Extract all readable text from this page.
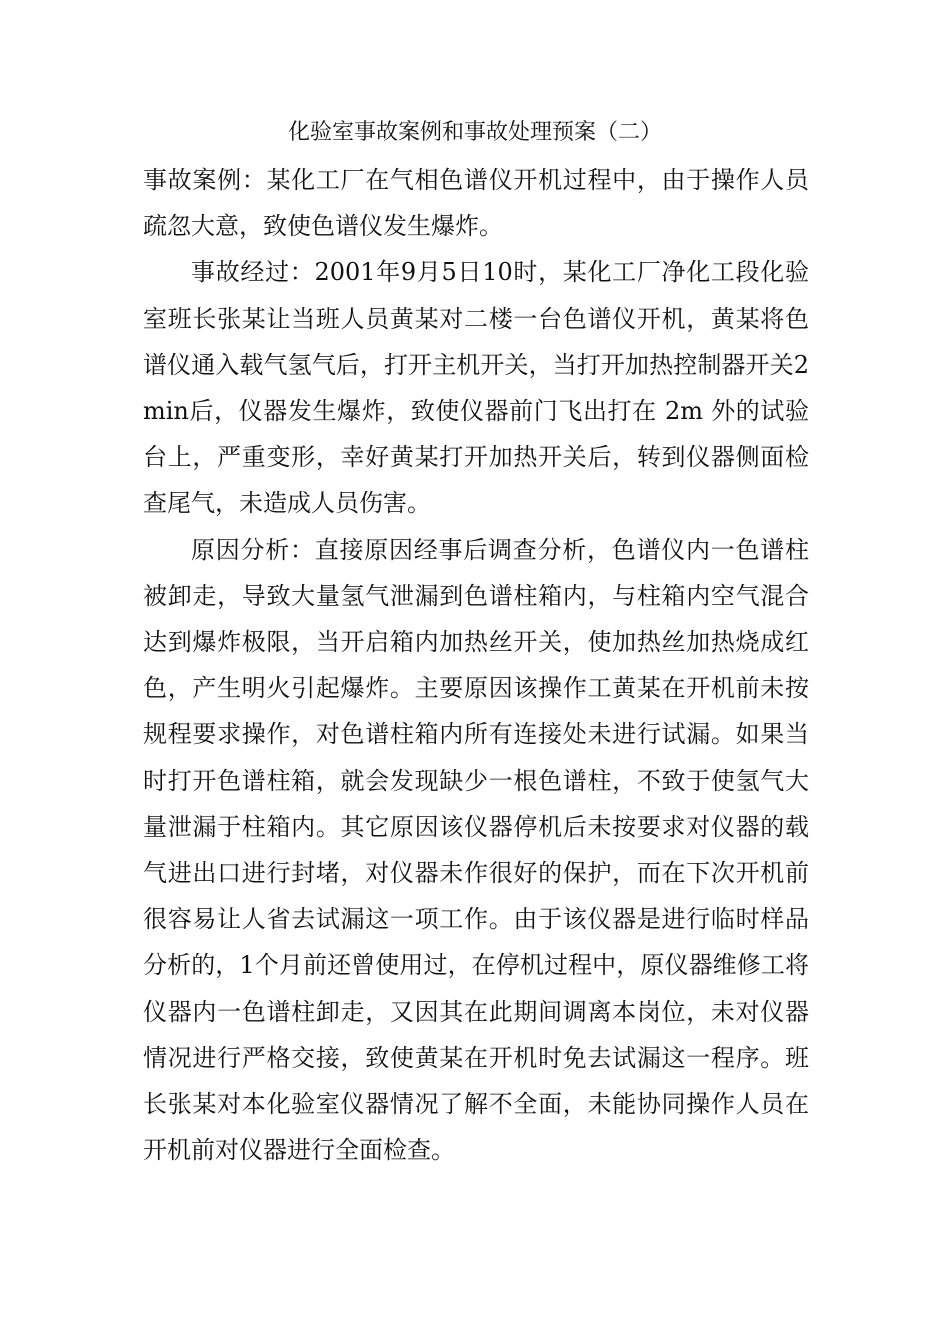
化验室事故案例和事故处理预案（二）

事故案例：某化工厂在气相色谱仪开机过程中，由于操作人员疏忽大意，致使色谱仪发生爆炸。

事故经过：2001年9月5日10时，某化工厂净化工段化验室班长张某让当班人员黄某对二楼一台色谱仪开机，黄某将色谱仪通入载气氢气后，打开主机开关，当打开加热控制器开关2min后，仪器发生爆炸，致使仪器前门飞出打在 2m 外的试验台上，严重变形，幸好黄某打开加热开关后，转到仪器侧面检查尾气，未造成人员伤害。

原因分析：直接原因经事后调查分析，色谱仪内一色谱柱被卸走，导致大量氢气泄漏到色谱柱箱内，与柱箱内空气混合达到爆炸极限，当开启箱内加热丝开关，使加热丝加热烧成红色，产生明火引起爆炸。主要原因该操作工黄某在开机前未按规程要求操作，对色谱柱箱内所有连接处未进行试漏。如果当时打开色谱柱箱，就会发现缺少一根色谱柱，不致于使氢气大量泄漏于柱箱内。其它原因该仪器停机后未按要求对仪器的载气进出口进行封堵，对仪器未作很好的保护，而在下次开机前很容易让人省去试漏这一项工作。由于该仪器是进行临时样品分析的，1个月前还曾使用过，在停机过程中，原仪器维修工将仪器内一色谱柱卸走，又因其在此期间调离本岗位，未对仪器情况进行严格交接，致使黄某在开机时免去试漏这一程序。班长张某对本化验室仪器情况了解不全面，未能协同操作人员在开机前对仪器进行全面检查。
